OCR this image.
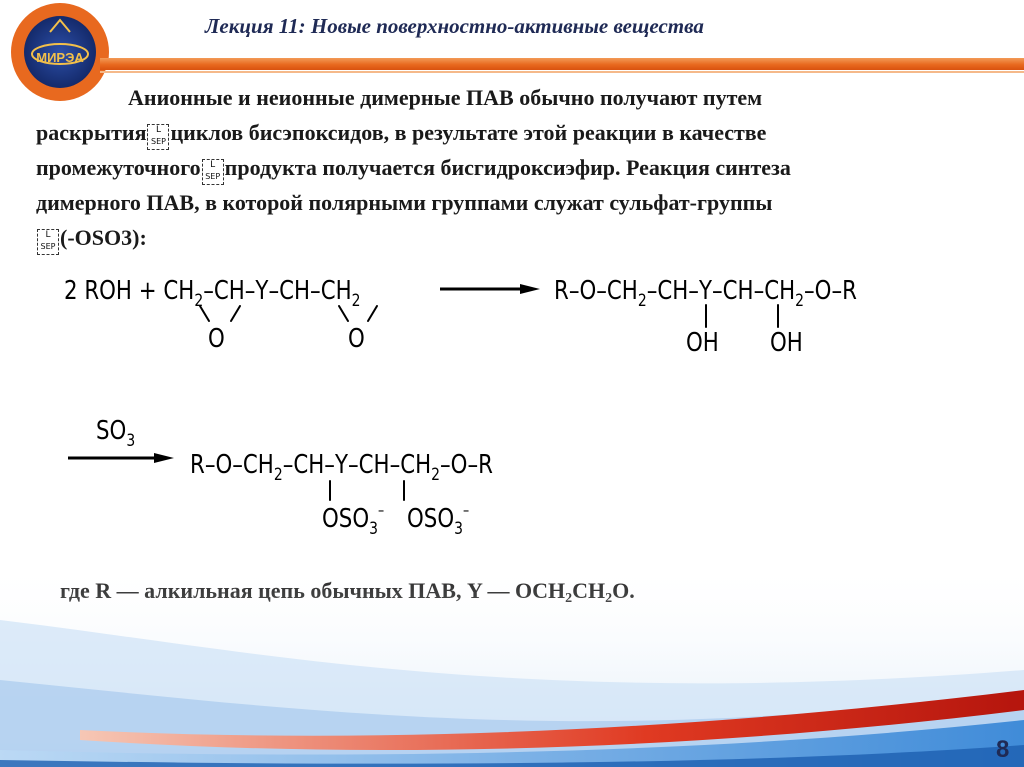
МИРЭА
Лекция 11: Новые поверхностно-активные вещества
Анионные и неионные димерные ПАВ обычно получают путем
раскрытия	L
SEP циклов бисэпоксидов, в результате этой реакции в качестве
промежуточного	L
SEP продукта получается бисгидроксиэфир. Реакция синтеза
димерного ПАВ, в которой полярными группами служат сульфат-группы
L
SEP (-OSO3):
2 ROH + $CH_2-CH-Y-CH-CH_2$
O	O
$R-O-CH_2-CH-Y-CH-CH_2-O-R$
OH OH
$SO_3$
$R-O-CH_2-CH-Y-CH-CH_2-O-R$
$OSO_3^-$ $OSO_3^-$
8
